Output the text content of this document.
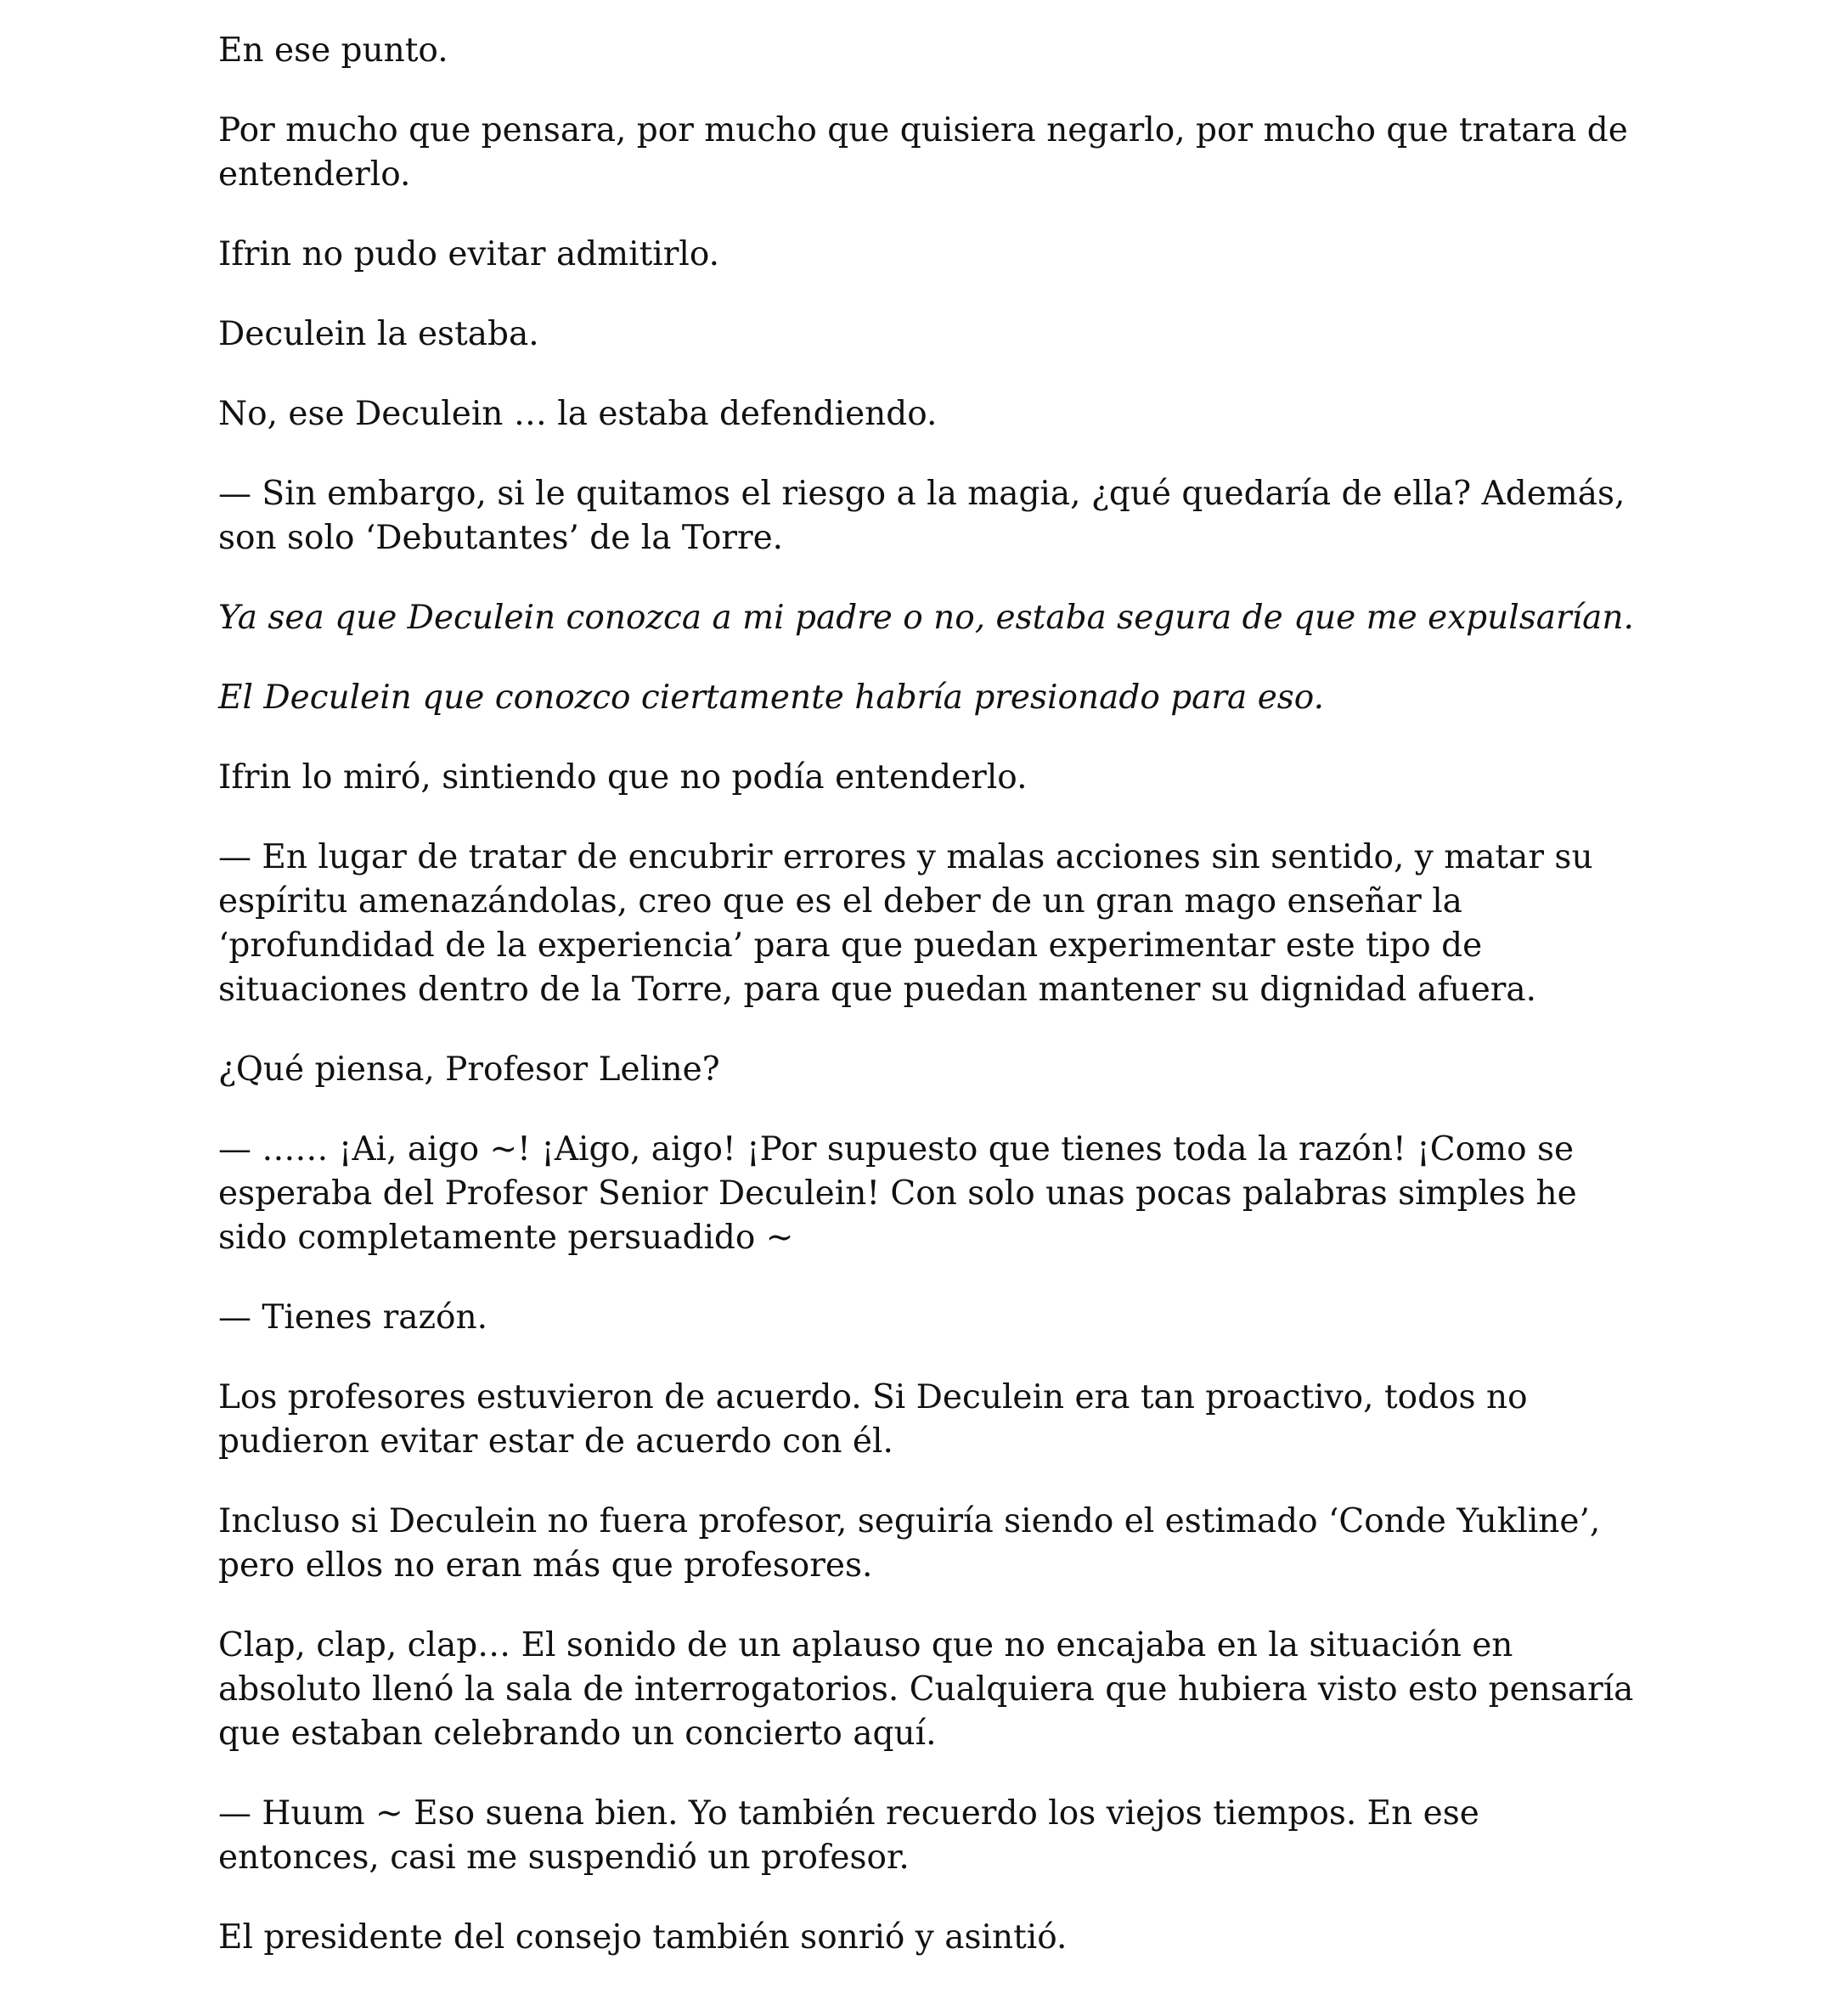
En ese punto.

Por mucho que pensara, por mucho que quisiera negarlo, por mucho que tratara de entenderlo.

Ifrin no pudo evitar admitirlo.

Deculein la estaba.

No, ese Deculein … la estaba defendiendo.

— Sin embargo, si le quitamos el riesgo a la magia, ¿qué quedaría de ella? Además, son solo ‘Debutantes’ de la Torre.

Ya sea que Deculein conozca a mi padre o no, estaba segura de que me expulsarían.

El Deculein que conozco ciertamente habría presionado para eso.

Ifrin lo miró, sintiendo que no podía entenderlo.

— En lugar de tratar de encubrir errores y malas acciones sin sentido, y matar su espíritu amenazándolas, creo que es el deber de un gran mago enseñar la ‘profundidad de la experiencia’ para que puedan experimentar este tipo de situaciones dentro de la Torre, para que puedan mantener su dignidad afuera.

¿Qué piensa, Profesor Leline?

— …… ¡Ai, aigo ~! ¡Aigo, aigo! ¡Por supuesto que tienes toda la razón! ¡Como se esperaba del Profesor Senior Deculein! Con solo unas pocas palabras simples he sido completamente persuadido ~

— Tienes razón.

Los profesores estuvieron de acuerdo. Si Deculein era tan proactivo, todos no pudieron evitar estar de acuerdo con él.

Incluso si Deculein no fuera profesor, seguiría siendo el estimado ‘Conde Yukline’, pero ellos no eran más que profesores.

Clap, clap, clap… El sonido de un aplauso que no encajaba en la situación en absoluto llenó la sala de interrogatorios. Cualquiera que hubiera visto esto pensaría que estaban celebrando un concierto aquí.

— Huum ~ Eso suena bien. Yo también recuerdo los viejos tiempos. En ese entonces, casi me suspendió un profesor.

El presidente del consejo también sonrió y asintió.
